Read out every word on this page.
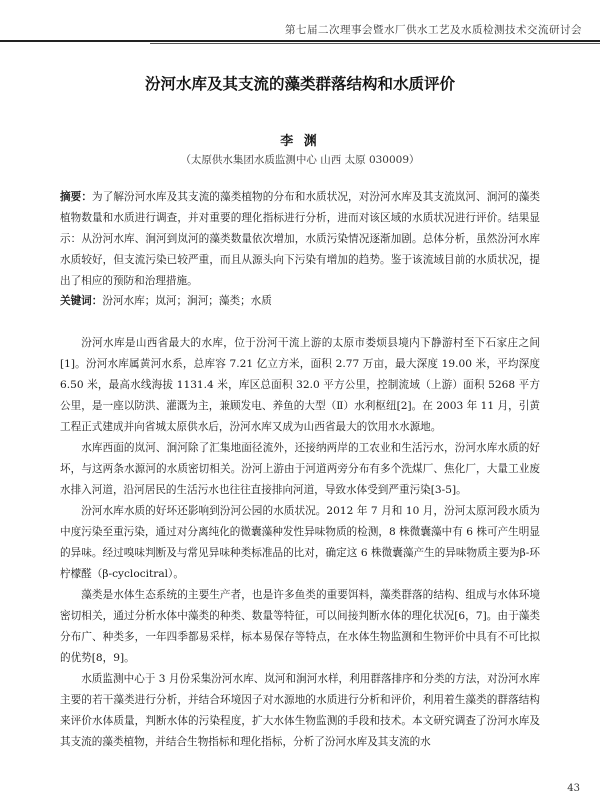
第七届二次理事会暨水厂供水工艺及水质检测技术交流研讨会
汾河水库及其支流的藻类群落结构和水质评价
李 渊
（太原供水集团水质监测中心 山西 太原 030009）
摘要：为了解汾河水库及其支流的藻类植物的分布和水质状况，对汾河水库及其支流岚河、涧河的藻类植物数量和水质进行调查，并对重要的理化指标进行分析，进而对该区域的水质状况进行评价。结果显示：从汾河水库、涧河到岚河的藻类数量依次增加，水质污染情况逐渐加剧。总体分析，虽然汾河水库水质较好，但支流污染已较严重，而且从源头向下污染有增加的趋势。鉴于该流域目前的水质状况，提出了相应的预防和治理措施。
关键词：汾河水库；岚河；涧河；藻类；水质

汾河水库是山西省最大的水库，位于汾河干流上游的太原市娄烦县境内下静游村至下石家庄之间[1]。汾河水库属黄河水系，总库容 7.21 亿立方米，面积 2.77 万亩，最大深度 19.00 米，平均深度 6.50 米，最高水线海拔 1131.4 米，库区总面积 32.0 平方公里，控制流域（上游）面积 5268 平方公里，是一座以防洪、灌溉为主，兼顾发电、养鱼的大型（Ⅱ）水利枢纽[2]。在 2003 年 11 月，引黄工程正式建成并向省城太原供水后，汾河水库又成为山西省最大的饮用水水源地。

水库西面的岚河、涧河除了汇集地面径流外，还接纳两岸的工农业和生活污水，汾河水库水质的好坏，与这两条水源河的水质密切相关。汾河上游由于河道两旁分布有多个洗煤厂、焦化厂，大量工业废水排入河道，沿河居民的生活污水也往往直接排向河道，导致水体受到严重污染[3-5]。

汾河水库水质的好坏还影响到汾河公园的水质状况。2012 年 7 月和 10 月，汾河太原河段水质为中度污染至重污染，通过对分离纯化的微囊藻种发性异味物质的检测，8 株微囊藻中有 6 株可产生明显的异味。经过嗅味判断及与常见异味种类标准品的比对，确定这 6 株微囊藻产生的异味物质主要为β-环柠檬醛（β-cyclocitral）。

藻类是水体生态系统的主要生产者，也是许多鱼类的重要饵料，藻类群落的结构、组成与水体环境密切相关，通过分析水体中藻类的种类、数量等特征，可以间接判断水体的理化状况[6，7]。由于藻类分布广、种类多，一年四季都易采样，标本易保存等特点，在水体生物监测和生物评价中具有不可比拟的优势[8，9]。

水质监测中心于 3 月份采集汾河水库、岚河和涧河水样，利用群落排序和分类的方法，对汾河水库主要的若干藻类进行分析，并结合环境因子对水源地的水质进行分析和评价，利用着生藻类的群落结构来评价水体质量，判断水体的污染程度，扩大水体生物监测的手段和技术。本文研究调查了汾河水库及其支流的藻类植物，并结合生物指标和理化指标，分析了汾河水库及其支流的水

43
